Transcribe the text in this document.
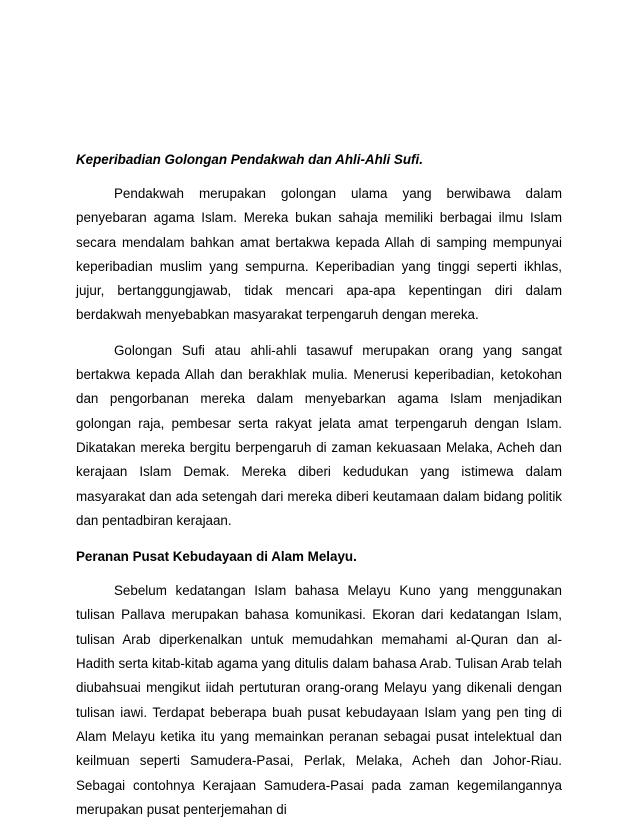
Keperibadian Golongan Pendakwah dan Ahli-Ahli Sufi.

Pendakwah merupakan golongan ulama yang berwibawa dalam penyebaran agama Islam. Mereka bukan sahaja memiliki berbagai ilmu Islam secara mendalam bahkan amat bertakwa kepada Allah di samping mempunyai keperibadian muslim yang sempurna. Keperibadian yang tinggi seperti ikhlas, jujur, bertanggungjawab, tidak mencari apa-apa kepentingan diri dalam berdakwah menyebabkan masyarakat terpengaruh dengan mereka.

Golongan Sufi atau ahli-ahli tasawuf merupakan orang yang sangat bertakwa kepada Allah dan berakhlak mulia. Menerusi keperibadian, ketokohan dan pengorbanan mereka dalam menyebarkan agama Islam menjadikan golongan raja, pembesar serta rakyat jelata amat terpengaruh dengan Islam. Dikatakan mereka bergitu berpengaruh di zaman kekuasaan Melaka, Acheh dan kerajaan Islam Demak. Mereka diberi kedudukan yang istimewa dalam masyarakat dan ada setengah dari mereka diberi keutamaan dalam bidang politik dan pentadbiran kerajaan.

Peranan Pusat Kebudayaan di Alam Melayu.

Sebelum kedatangan Islam bahasa Melayu Kuno yang menggunakan tulisan Pallava merupakan bahasa komunikasi. Ekoran dari kedatangan Islam, tulisan Arab diperkenalkan untuk memudahkan memahami al-Quran dan al-Hadith serta kitab-kitab agama yang ditulis dalam bahasa Arab. Tulisan Arab telah diubahsuai mengikut iidah pertuturan orang-orang Melayu yang dikenali dengan tulisan iawi. Terdapat beberapa buah pusat kebudayaan Islam yang pen ting di Alam Melayu ketika itu yang memainkan peranan sebagai pusat intelektual dan keilmuan seperti Samudera-Pasai, Perlak, Melaka, Acheh dan Johor-Riau. Sebagai contohnya Kerajaan Samudera-Pasai pada zaman kegemilangannya merupakan pusat penterjemahan di
